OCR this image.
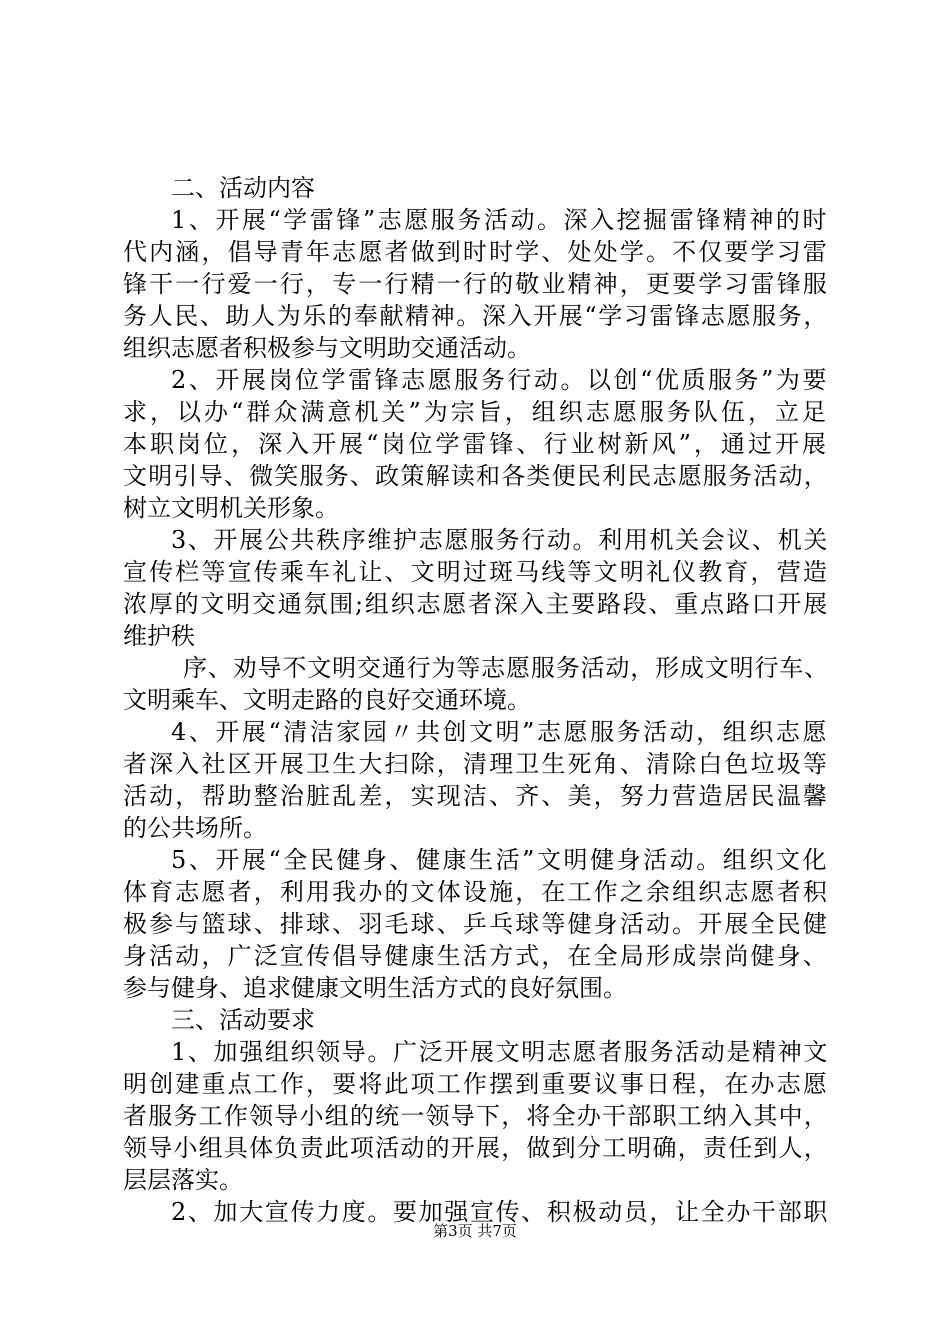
二、活动内容
1、开展“学雷锋”志愿服务活动。深入挖掘雷锋精神的时
代内涵，倡导青年志愿者做到时时学、处处学。不仅要学习雷
锋干一行爱一行，专一行精一行的敬业精神，更要学习雷锋服
务人民、助人为乐的奉献精神。深入开展“学习雷锋志愿服务，
组织志愿者积极参与文明助交通活动。
2、开展岗位学雷锋志愿服务行动。以创“优质服务”为要
求，以办“群众满意机关”为宗旨，组织志愿服务队伍，立足
本职岗位，深入开展“岗位学雷锋、行业树新风”，通过开展
文明引导、微笑服务、政策解读和各类便民利民志愿服务活动，
树立文明机关形象。
3、开展公共秩序维护志愿服务行动。利用机关会议、机关
宣传栏等宣传乘车礼让、文明过斑马线等文明礼仪教育，营造
浓厚的文明交通氛围;组织志愿者深入主要路段、重点路口开展
维护秩
序、劝导不文明交通行为等志愿服务活动，形成文明行车、
文明乘车、文明走路的良好交通环境。
4、开展“清洁家园〃共创文明”志愿服务活动，组织志愿
者深入社区开展卫生大扫除，清理卫生死角、清除白色垃圾等
活动，帮助整治脏乱差，实现洁、齐、美，努力营造居民温馨
的公共场所。
5、开展“全民健身、健康生活”文明健身活动。组织文化
体育志愿者，利用我办的文体设施，在工作之余组织志愿者积
极参与篮球、排球、羽毛球、乒乓球等健身活动。开展全民健
身活动，广泛宣传倡导健康生活方式，在全局形成崇尚健身、
参与健身、追求健康文明生活方式的良好氛围。
三、活动要求
1、加强组织领导。广泛开展文明志愿者服务活动是精神文
明创建重点工作，要将此项工作摆到重要议事日程，在办志愿
者服务工作领导小组的统一领导下，将全办干部职工纳入其中，
领导小组具体负责此项活动的开展，做到分工明确，责任到人，
层层落实。
2、加大宣传力度。要加强宣传、积极动员，让全办干部职
第3页 共7页
